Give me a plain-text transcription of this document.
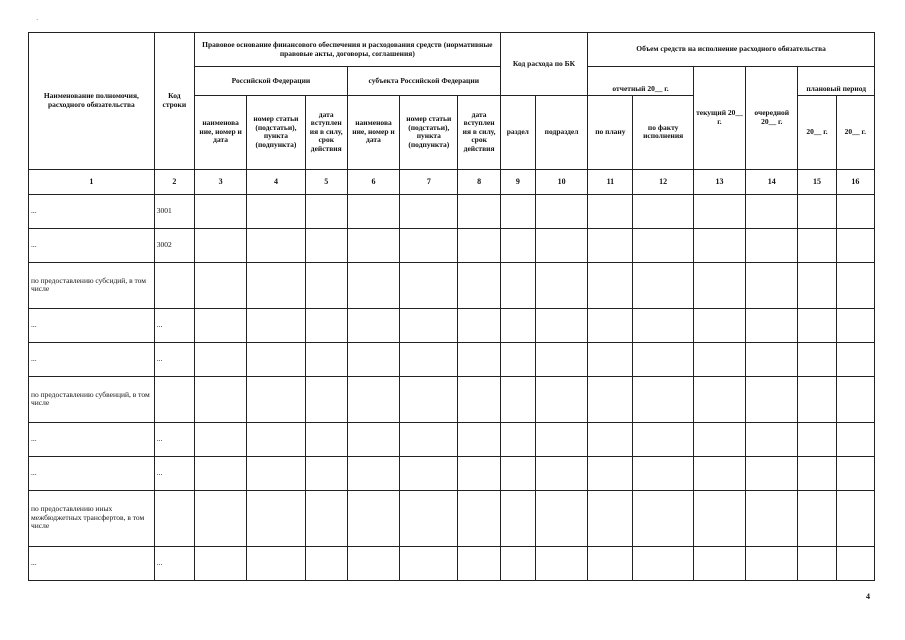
·
Наименование полномочия, расходного обязательства	Код строки	Правовое основание финансового обеспечения и расходования средств (нормативные правовые акты, договоры, соглашения)						Код расхода по БК		Объем средств на исполнение расходного обязательства					
		Российской Федерации			субъекта Российской Федерации					отчетный 20__ г.		текущий 20__ г.	очередной 20__ г.	плановый период	
		наименова ние, номер и дата	номер статьи (подстатьи), пункта (подпункта)	дата вступлен ия в силу, срок действия	наименова ние, номер и дата	номер статьи (подстатьи), пункта (подпункта)	дата вступлен ия в силу, срок действия	раздел	подраздел	по плану	по факту исполнения			20__ г.	20__ г.
1	2	3	4	5	6	7	8	9	10	11	12	13	14	15	16
...	3001														
...	3002														
по предоставлению субсидий, в том числе															
...	...														
...	...														
по предоставлению субвенций, в том числе															
...	...														
...	...														
по предоставлению иных межбюджетных трансфертов, в том числе															
...	...														
4
